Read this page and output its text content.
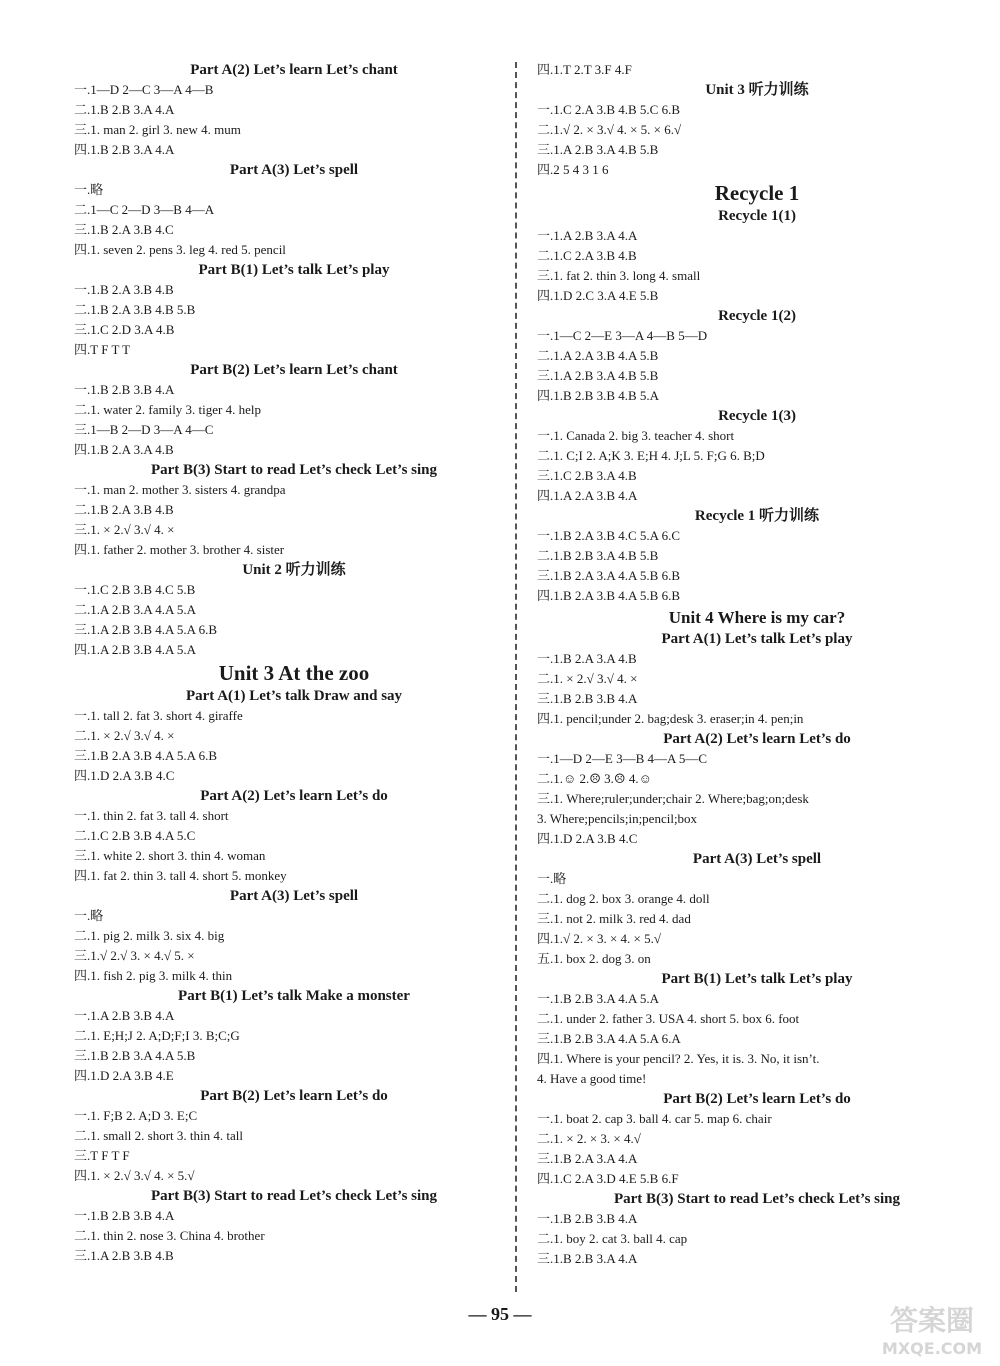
Part A(2) Let’s learn Let’s chant
一.1—D 2—C 3—A 4—B
二.1.B 2.B 3.A 4.A
三.1. man 2. girl 3. new 4. mum
四.1.B 2.B 3.A 4.A
Part A(3) Let’s spell
一.略
二.1—C 2—D 3—B 4—A
三.1.B 2.A 3.B 4.C
四.1. seven 2. pens 3. leg 4. red 5. pencil
Part B(1) Let’s talk Let’s play
一.1.B 2.A 3.B 4.B
二.1.B 2.A 3.B 4.B 5.B
三.1.C 2.D 3.A 4.B
四.T F T T
Part B(2) Let’s learn Let’s chant
一.1.B 2.B 3.B 4.A
二.1. water 2. family 3. tiger 4. help
三.1—B 2—D 3—A 4—C
四.1.B 2.A 3.A 4.B
Part B(3) Start to read Let’s check Let’s sing
一.1. man 2. mother 3. sisters 4. grandpa
二.1.B 2.A 3.B 4.B
三.1. × 2.√ 3.√ 4. ×
四.1. father 2. mother 3. brother 4. sister
Unit 2 听力训练
一.1.C 2.B 3.B 4.C 5.B
二.1.A 2.B 3.A 4.A 5.A
三.1.A 2.B 3.B 4.A 5.A 6.B
四.1.A 2.B 3.B 4.A 5.A
Unit 3 At the zoo
Part A(1) Let’s talk Draw and say
一.1. tall 2. fat 3. short 4. giraffe
二.1. × 2.√ 3.√ 4. ×
三.1.B 2.A 3.B 4.A 5.A 6.B
四.1.D 2.A 3.B 4.C
Part A(2) Let’s learn Let’s do
一.1. thin 2. fat 3. tall 4. short
二.1.C 2.B 3.B 4.A 5.C
三.1. white 2. short 3. thin 4. woman
四.1. fat 2. thin 3. tall 4. short 5. monkey
Part A(3) Let’s spell
一.略
二.1. pig 2. milk 3. six 4. big
三.1.√ 2.√ 3. × 4.√ 5. ×
四.1. fish 2. pig 3. milk 4. thin
Part B(1) Let’s talk Make a monster
一.1.A 2.B 3.B 4.A
二.1. E;H;J 2. A;D;F;I 3. B;C;G
三.1.B 2.B 3.A 4.A 5.B
四.1.D 2.A 3.B 4.E
Part B(2) Let’s learn Let’s do
一.1. F;B 2. A;D 3. E;C
二.1. small 2. short 3. thin 4. tall
三.T F T F
四.1. × 2.√ 3.√ 4. × 5.√
Part B(3) Start to read Let’s check Let’s sing
一.1.B 2.B 3.B 4.A
二.1. thin 2. nose 3. China 4. brother
三.1.A 2.B 3.B 4.B
四.1.T 2.T 3.F 4.F
Unit 3 听力训练
一.1.C 2.A 3.B 4.B 5.C 6.B
二.1.√ 2. × 3.√ 4. × 5. × 6.√
三.1.A 2.B 3.A 4.B 5.B
四.2 5 4 3 1 6
Recycle 1
Recycle 1(1)
一.1.A 2.B 3.A 4.A
二.1.C 2.A 3.B 4.B
三.1. fat 2. thin 3. long 4. small
四.1.D 2.C 3.A 4.E 5.B
Recycle 1(2)
一.1—C 2—E 3—A 4—B 5—D
二.1.A 2.A 3.B 4.A 5.B
三.1.A 2.B 3.A 4.B 5.B
四.1.B 2.B 3.B 4.B 5.A
Recycle 1(3)
一.1. Canada 2. big 3. teacher 4. short
二.1. C;I 2. A;K 3. E;H 4. J;L 5. F;G 6. B;D
三.1.C 2.B 3.A 4.B
四.1.A 2.A 3.B 4.A
Recycle 1 听力训练
一.1.B 2.A 3.B 4.C 5.A 6.C
二.1.B 2.B 3.A 4.B 5.B
三.1.B 2.A 3.A 4.A 5.B 6.B
四.1.B 2.A 3.B 4.A 5.B 6.B
Unit 4 Where is my car?
Part A(1) Let’s talk Let’s play
一.1.B 2.A 3.A 4.B
二.1. × 2.√ 3.√ 4. ×
三.1.B 2.B 3.B 4.A
四.1. pencil;under 2. bag;desk 3. eraser;in 4. pen;in
Part A(2) Let’s learn Let’s do
一.1—D 2—E 3—B 4—A 5—C
二.1.☺ 2.☹ 3.☹ 4.☺
三.1. Where;ruler;under;chair 2. Where;bag;on;desk
3. Where;pencils;in;pencil;box
四.1.D 2.A 3.B 4.C
Part A(3) Let’s spell
一.略
二.1. dog 2. box 3. orange 4. doll
三.1. not 2. milk 3. red 4. dad
四.1.√ 2. × 3. × 4. × 5.√
五.1. box 2. dog 3. on
Part B(1) Let’s talk Let’s play
一.1.B 2.B 3.A 4.A 5.A
二.1. under 2. father 3. USA 4. short 5. box 6. foot
三.1.B 2.B 3.A 4.A 5.A 6.A
四.1. Where is your pencil? 2. Yes, it is. 3. No, it isn’t.
4. Have a good time!
Part B(2) Let’s learn Let’s do
一.1. boat 2. cap 3. ball 4. car 5. map 6. chair
二.1. × 2. × 3. × 4.√
三.1.B 2.A 3.A 4.A
四.1.C 2.A 3.D 4.E 5.B 6.F
Part B(3) Start to read Let’s check Let’s sing
一.1.B 2.B 3.B 4.A
二.1. boy 2. cat 3. ball 4. cap
三.1.B 2.B 3.A 4.A
— 95 —	答案圈
MXQE.COM
